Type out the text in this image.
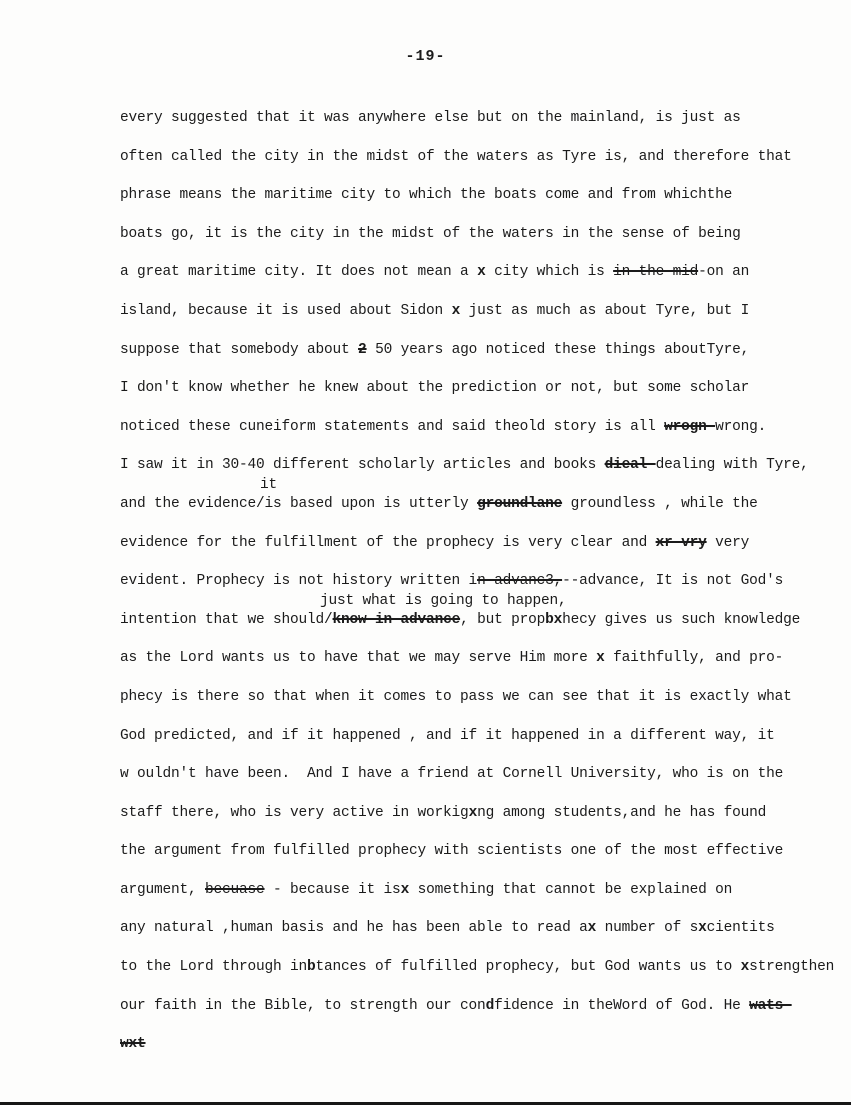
-19-
every suggested that it was anywhere else but on the mainland, is just as
often called the city in the midst of the waters as Tyre is, and therefore that
phrase means the maritime city to which the boats come and from whichthe
boats go, it is the city in the midst of the waters in the sense of being
a great maritime city. It does not mean a x city which is in the mid-on an
island, because it is used about Sidon x just as much as about Tyre, but I
suppose that somebody about 2 50 years ago noticed these things aboutTyre,
I don't know whether he knew about the prediction or not, but some scholar
noticed these cuneiform statements and said theold story is all wrogn-wrong.
I saw it in 30-40 different scholarly articles and books dieal-dealing with Tyre,
it
and the evidence/is based upon is utterly groundlane groundless , while the
evidence for the fulfillment of the prophecy is very clear and xr vry very
evident. Prophecy is not history written in advanc3,--advance, It is not God's
just what is going to happen,
intention that we should/know in advance, but propbxhecy gives us such knowledge
as the Lord wants us to have that we may serve Him more x faithfully, and pro-
phecy is there so that when it comes to pass we can see that it is exactly what
God predicted, and if it happened , and if it happened in a different way, it
w ouldn't have been.  And I have a friend at Cornell University, who is on the
staff there, who is very active in workigxng among students,and he has found
the argument from fulfilled prophecy with scientists one of the most effective
argument, becuase - because it isx something that cannot be explained on
any natural ,human basis and he has been able to read ax number of sxcientits
to the Lord through inbtances of fulfilled prophecy, but God wants us to xstrengthen
our faith in the Bible, to strength our condfidence in theWord of God. He wats-
wxt
